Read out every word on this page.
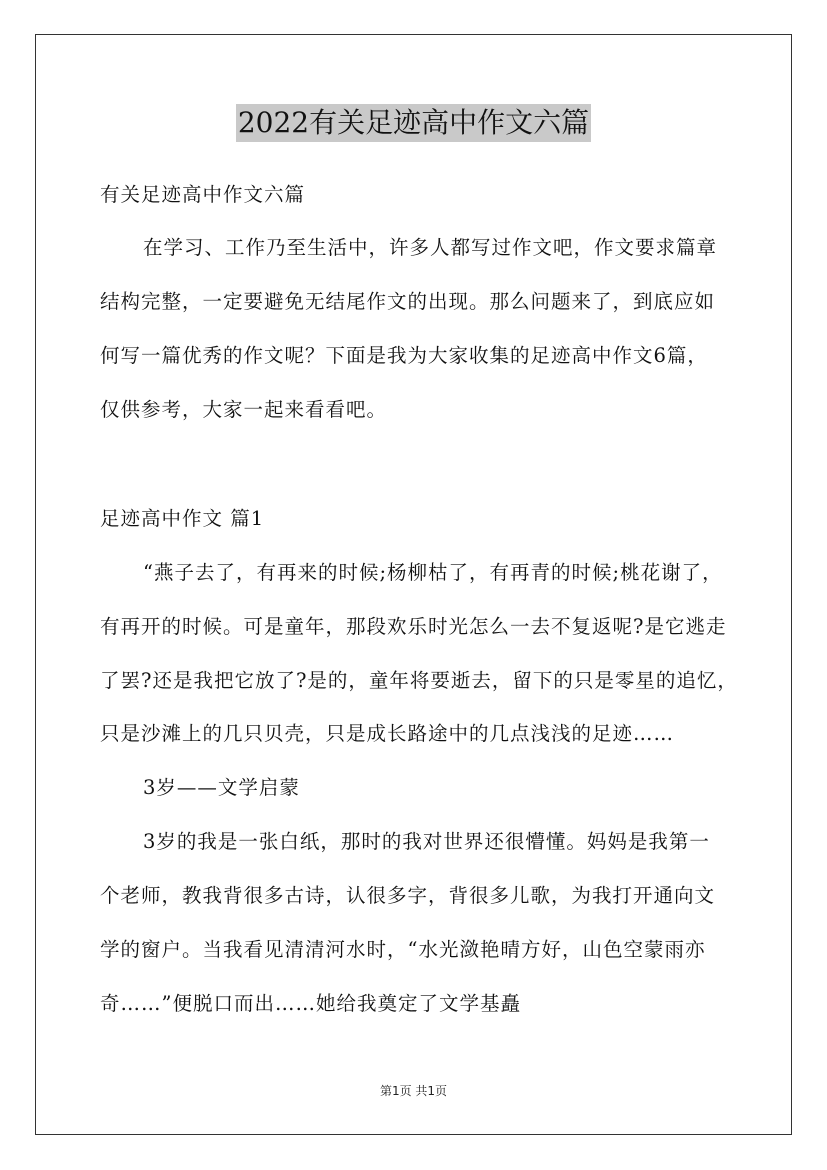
2022有关足迹高中作文六篇
有关足迹高中作文六篇
在学习、工作乃至生活中，许多人都写过作文吧，作文要求篇章
结构完整，一定要避免无结尾作文的出现。那么问题来了，到底应如
何写一篇优秀的作文呢？下面是我为大家收集的足迹高中作文6篇，
仅供参考，大家一起来看看吧。
足迹高中作文 篇1
“燕子去了，有再来的时候;杨柳枯了，有再青的时候;桃花谢了，
有再开的时候。可是童年，那段欢乐时光怎么一去不复返呢?是它逃走
了罢?还是我把它放了?是的，童年将要逝去，留下的只是零星的追忆，
只是沙滩上的几只贝壳，只是成长路途中的几点浅浅的足迹……
3岁——文学启蒙
3岁的我是一张白纸，那时的我对世界还很懵懂。妈妈是我第一
个老师，教我背很多古诗，认很多字，背很多儿歌，为我打开通向文
学的窗户。当我看见清清河水时，“水光潋艳晴方好，山色空蒙雨亦
奇……”便脱口而出……她给我奠定了文学基矗
第1页 共1页
